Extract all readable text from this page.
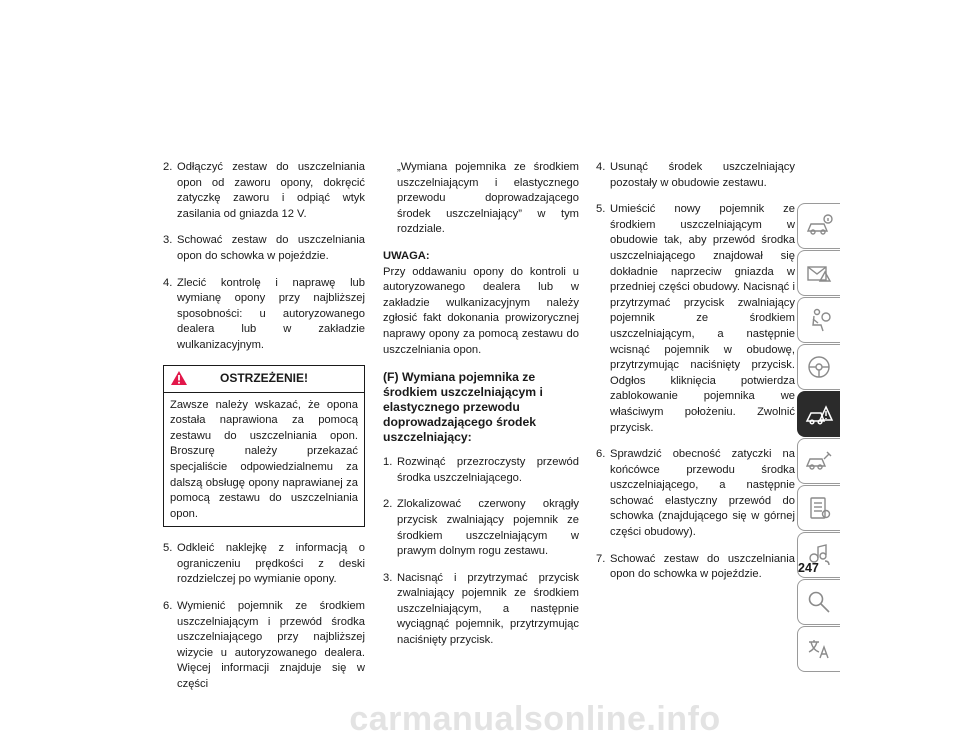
2. Odłączyć zestaw do uszczelniania opon od zaworu opony, dokręcić zatyczkę zaworu i odpiąć wtyk zasilania od gniazda 12 V.
3. Schować zestaw do uszczelniania opon do schowka w pojeździe.
4. Zlecić kontrolę i naprawę lub wymianę opony przy najbliższej sposobności: u autoryzowanego dealera lub w zakładzie wulkanizacyjnym.
OSTRZEŻENIE!
Zawsze należy wskazać, że opona została naprawiona za pomocą zestawu do uszczelniania opon. Broszurę należy przekazać specjaliście odpowiedzialnemu za dalszą obsługę opony naprawianej za pomocą zestawu do uszczelniania opon.
5. Odkleić naklejkę z informacją o ograniczeniu prędkości z deski rozdzielczej po wymianie opony.
6. Wymienić pojemnik ze środkiem uszczelniającym i przewód środka uszczelniającego przy najbliższej wizycie u autoryzowanego dealera. Więcej informacji znajduje się w części
„Wymiana pojemnika ze środkiem uszczelniającym i elastycznego przewodu doprowadzającego środek uszczelniający” w tym rozdziale.
UWAGA:
Przy oddawaniu opony do kontroli u autoryzowanego dealera lub w zakładzie wulkanizacyjnym należy zgłosić fakt dokonania prowizorycznej naprawy opony za pomocą zestawu do uszczelniania opon.
(F) Wymiana pojemnika ze środkiem uszczelniającym i elastycznego przewodu doprowadzającego środek uszczelniający:
1. Rozwinąć przezroczysty przewód środka uszczelniającego.
2. Zlokalizować czerwony okrągły przycisk zwalniający pojemnik ze środkiem uszczelniającym w prawym dolnym rogu zestawu.
3. Nacisnąć i przytrzymać przycisk zwalniający pojemnik ze środkiem uszczelniającym, a następnie wyciągnąć pojemnik, przytrzymując naciśnięty przycisk.
4. Usunąć środek uszczelniający pozostały w obudowie zestawu.
5. Umieścić nowy pojemnik ze środkiem uszczelniającym w obudowie tak, aby przewód środka uszczelniającego znajdował się dokładnie naprzeciw gniazda w przedniej części obudowy. Nacisnąć i przytrzymać przycisk zwalniający pojemnik ze środkiem uszczelniającym, a następnie wcisnąć pojemnik w obudowę, przytrzymując naciśnięty przycisk. Odgłos kliknięcia potwierdza zablokowanie pojemnika we właściwym położeniu. Zwolnić przycisk.
6. Sprawdzić obecność zatyczki na końcówce przewodu środka uszczelniającego, a następnie schować elastyczny przewód do schowka (znajdującego się w górnej części obudowy).
7. Schować zestaw do uszczelniania opon do schowka w pojeździe.	247
carmanualsonline.info
